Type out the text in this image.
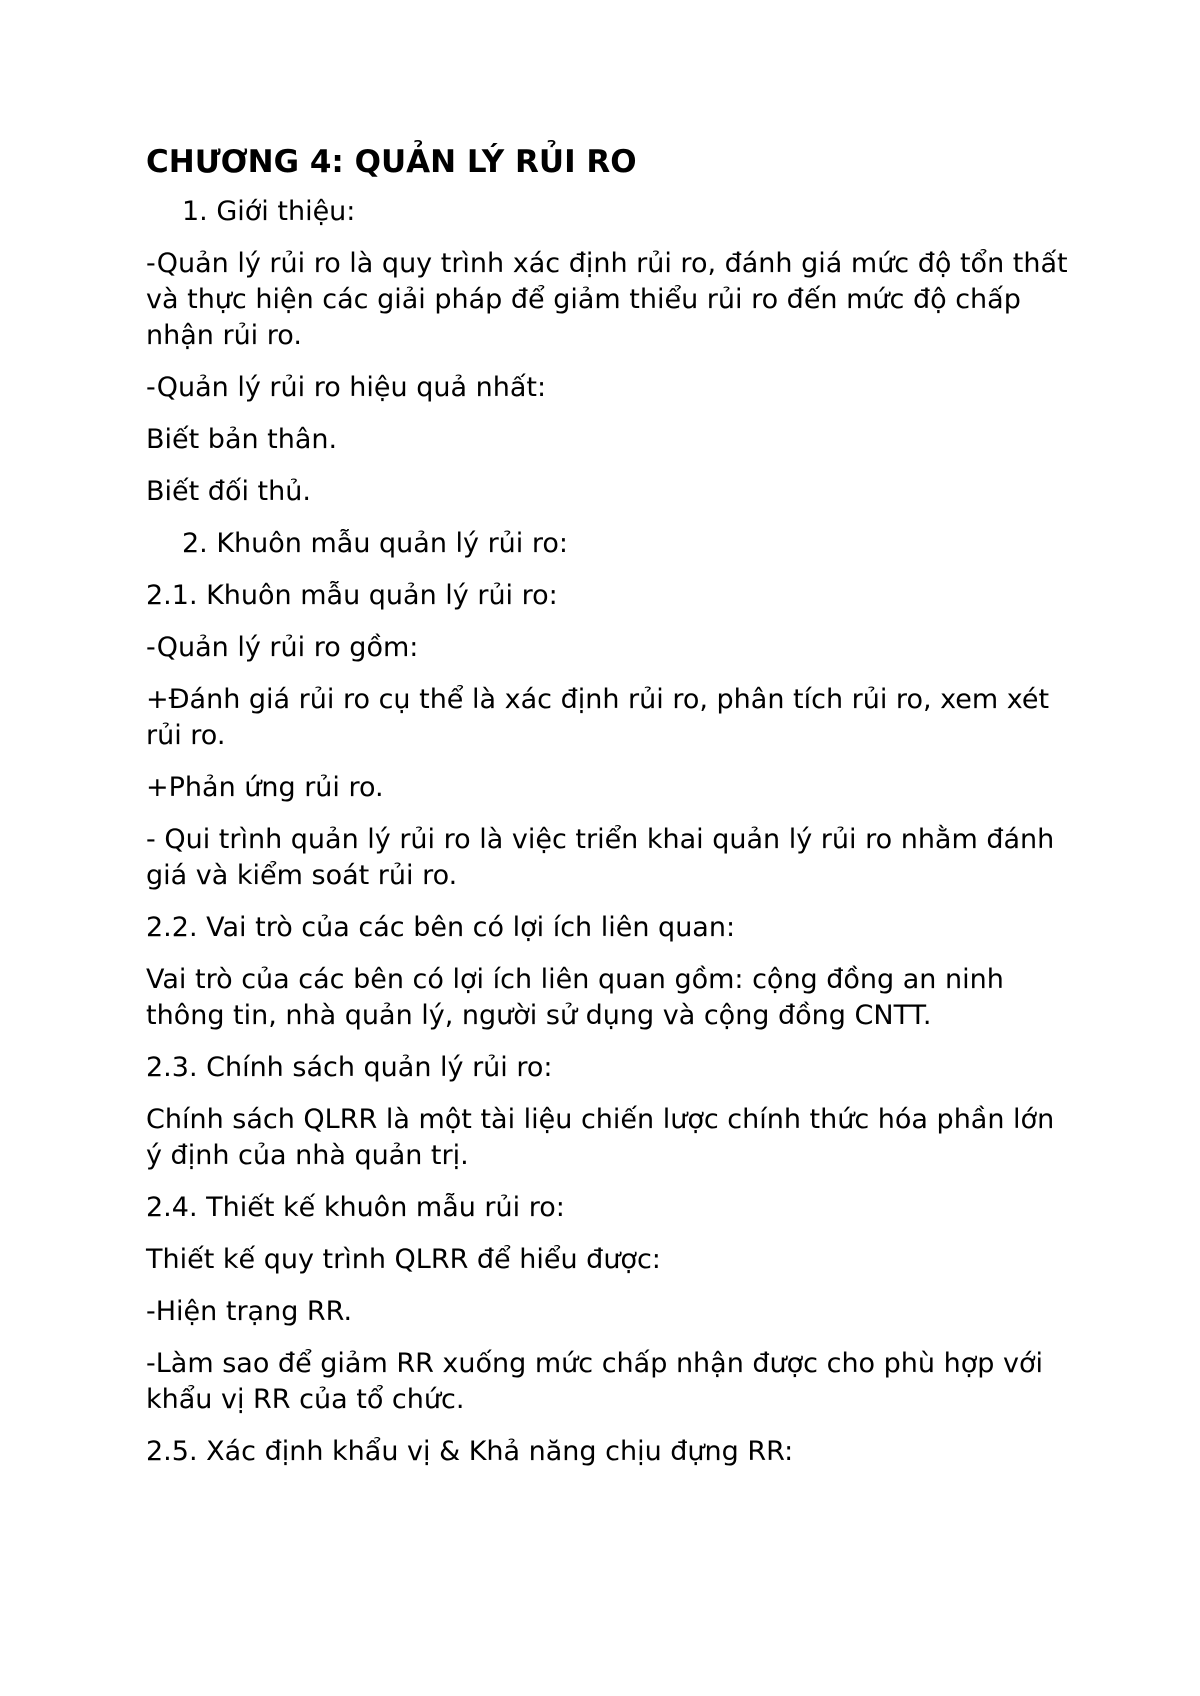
CHƯƠNG 4: QUẢN LÝ RỦI RO
1. Giới thiệu:
-Quản lý rủi ro là quy trình xác định rủi ro, đánh giá mức độ tổn thất và thực hiện các giải pháp để giảm thiểu rủi ro đến mức độ chấp nhận rủi ro.
-Quản lý rủi ro hiệu quả nhất:
Biết bản thân.
Biết đối thủ.
2. Khuôn mẫu quản lý rủi ro:
2.1. Khuôn mẫu quản lý rủi ro:
-Quản lý rủi ro gồm:
+Đánh giá rủi ro cụ thể là xác định rủi ro, phân tích rủi ro, xem xét rủi ro.
+Phản ứng rủi ro.
- Qui trình quản lý rủi ro là việc triển khai quản lý rủi ro nhằm đánh giá và kiểm soát rủi ro.
2.2. Vai trò của các bên có lợi ích liên quan:
Vai trò của các bên có lợi ích liên quan gồm: cộng đồng an ninh thông tin, nhà quản lý, người sử dụng và cộng đồng CNTT.
2.3. Chính sách quản lý rủi ro:
Chính sách QLRR là một tài liệu chiến lược chính thức hóa phần lớn ý định của nhà quản trị.
2.4. Thiết kế khuôn mẫu rủi ro:
Thiết kế quy trình QLRR để hiểu được:
-Hiện trạng RR.
-Làm sao để giảm RR xuống mức chấp nhận được cho phù hợp với khẩu vị RR của tổ chức.
2.5. Xác định khẩu vị & Khả năng chịu đựng RR:
